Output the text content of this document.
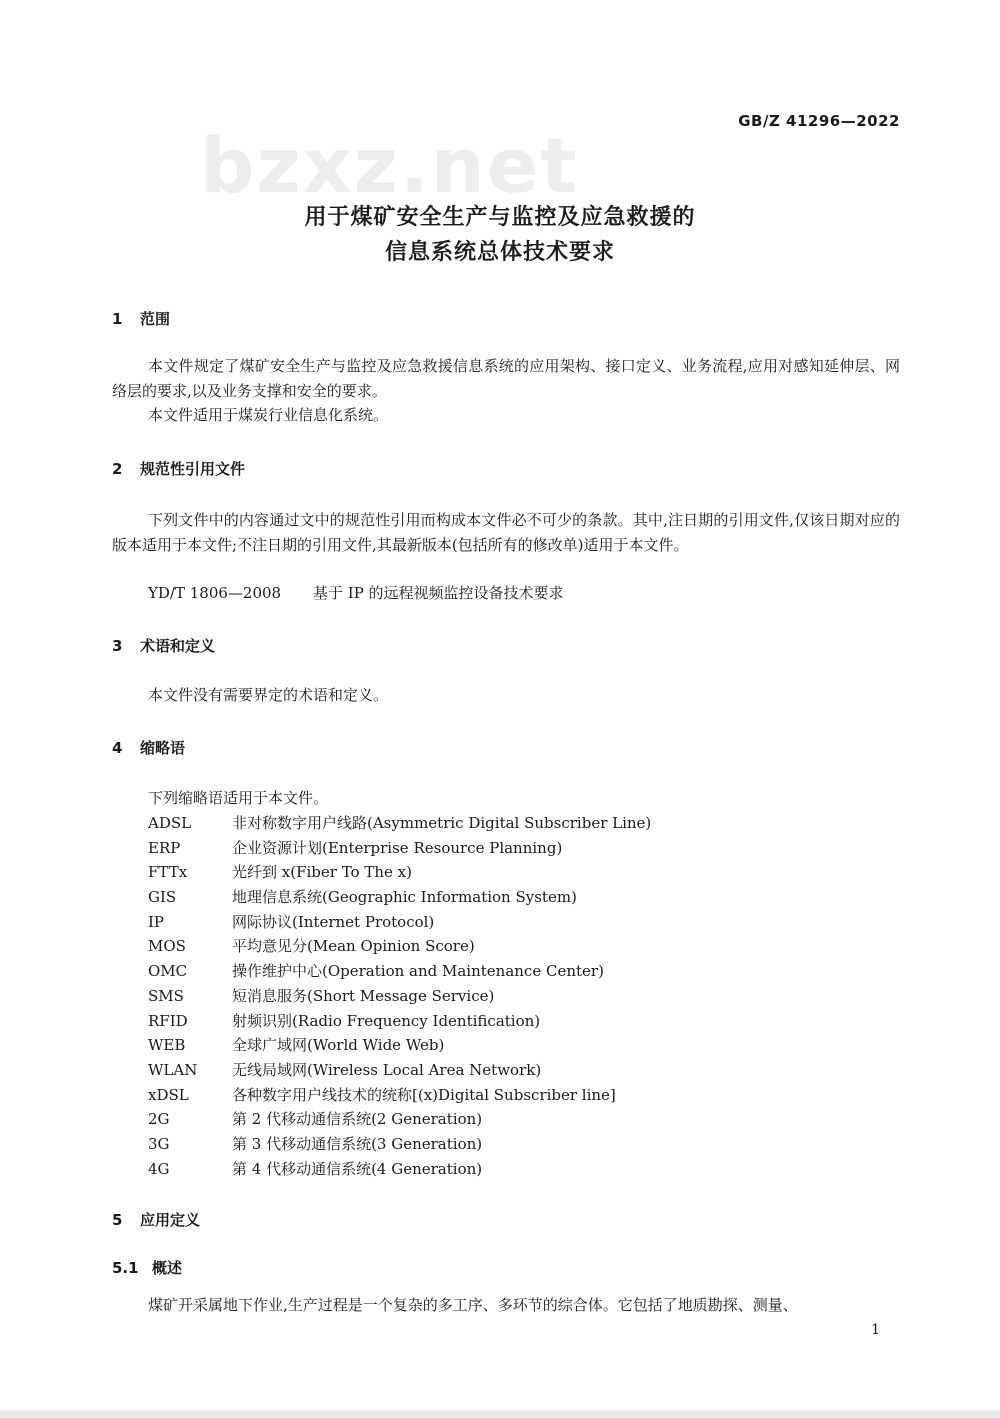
GB/Z 41296—2022
bzxz.net
用于煤矿安全生产与监控及应急救援的
信息系统总体技术要求
1 范围
本文件规定了煤矿安全生产与监控及应急救援信息系统的应用架构、接口定义、业务流程,应用对感知延伸层、网络层的要求,以及业务支撑和安全的要求。
本文件适用于煤炭行业信息化系统。
2 规范性引用文件
下列文件中的内容通过文中的规范性引用而构成本文件必不可少的条款。其中,注日期的引用文件,仅该日期对应的版本适用于本文件;不注日期的引用文件,其最新版本(包括所有的修改单)适用于本文件。
YD/T 1806—2008 基于 IP 的远程视频监控设备技术要求
3 术语和定义
本文件没有需要界定的术语和定义。
4 缩略语
下列缩略语适用于本文件。
ADSL	非对称数字用户线路(Asymmetric Digital Subscriber Line)
ERP	企业资源计划(Enterprise Resource Planning)
FTTx	光纤到 x(Fiber To The x)
GIS	地理信息系统(Geographic Information System)
IP	网际协议(Internet Protocol)
MOS	平均意见分(Mean Opinion Score)
OMC	操作维护中心(Operation and Maintenance Center)
SMS	短消息服务(Short Message Service)
RFID	射频识别(Radio Frequency Identification)
WEB	全球广域网(World Wide Web)
WLAN 无线局域网(Wireless Local Area Network)
xDSL	各种数字用户线技术的统称[(x)Digital Subscriber line]
2G	第 2 代移动通信系统(2 Generation)
3G	第 3 代移动通信系统(3 Generation)
4G	第 4 代移动通信系统(4 Generation)
5 应用定义
5.1 概述
煤矿开采属地下作业,生产过程是一个复杂的多工序、多环节的综合体。它包括了地质勘探、测量、
1
